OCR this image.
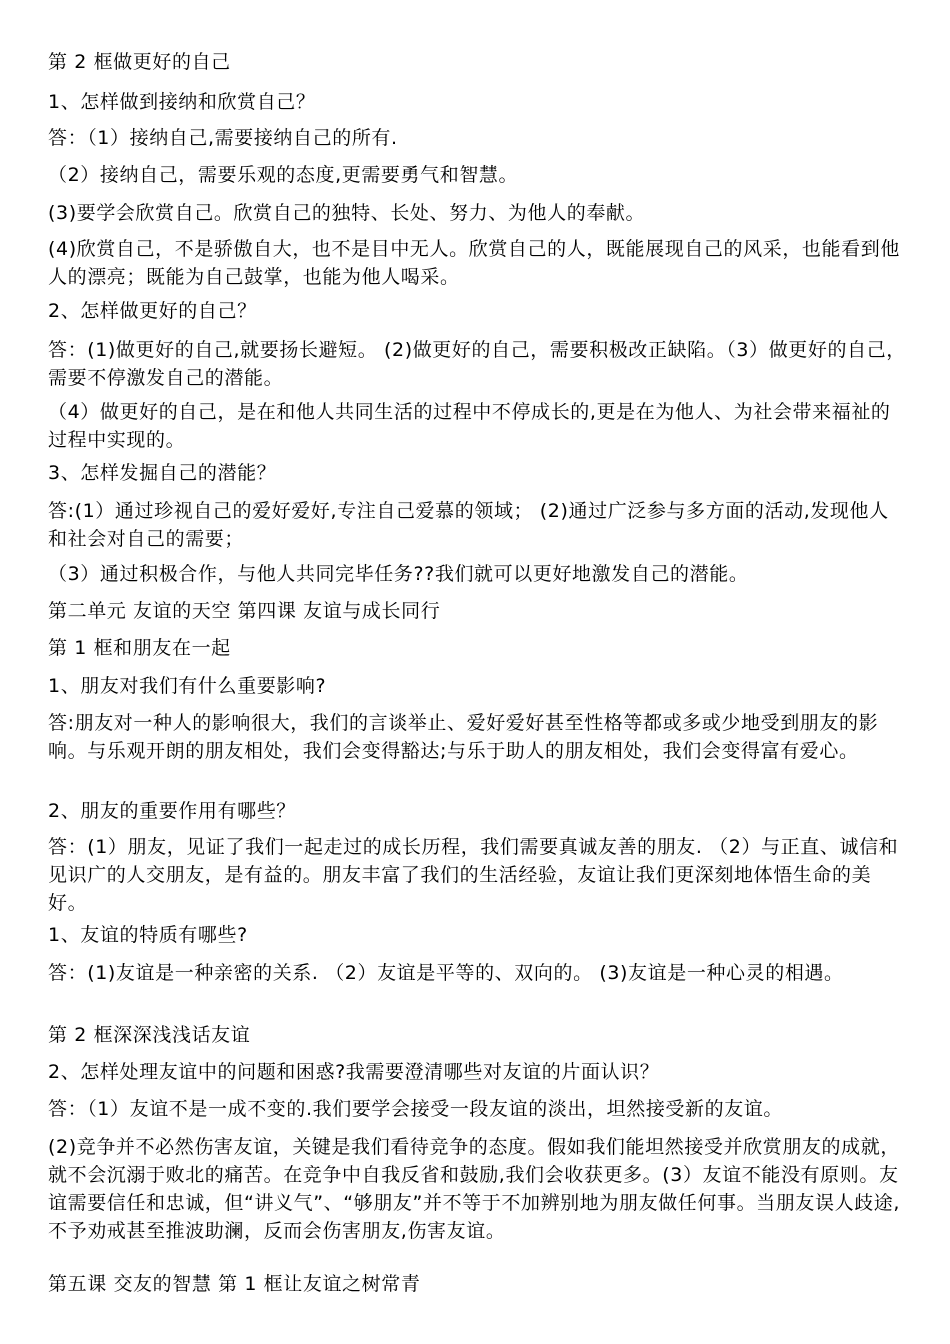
第 2 框做更好的自己

1、怎样做到接纳和欣赏自己？

答：（1）接纳自己,需要接纳自己的所有.

（2）接纳自己，需要乐观的态度,更需要勇气和智慧。

(3)要学会欣赏自己。欣赏自己的独特、长处、努力、为他人的奉献。

(4)欣赏自己，不是骄傲自大，也不是目中无人。欣赏自己的人，既能展现自己的风采，也能看到他人的漂亮；既能为自己鼓掌，也能为他人喝采。

2、怎样做更好的自己？

答：(1)做更好的自己,就要扬长避短。 (2)做更好的自己，需要积极改正缺陷。（3）做更好的自己，需要不停激发自己的潜能。

（4）做更好的自己，是在和他人共同生活的过程中不停成长的,更是在为他人、为社会带来福祉的过程中实现的。

3、怎样发掘自己的潜能？

答:(1）通过珍视自己的爱好爱好,专注自己爱慕的领域； (2)通过广泛参与多方面的活动,发现他人和社会对自己的需要；

（3）通过积极合作，与他人共同完毕任务??我们就可以更好地激发自己的潜能。

第二单元 友谊的天空 第四课 友谊与成长同行

第 1 框和朋友在一起

1、朋友对我们有什么重要影响?

答:朋友对一种人的影响很大，我们的言谈举止、爱好爱好甚至性格等都或多或少地受到朋友的影响。与乐观开朗的朋友相处，我们会变得豁达;与乐于助人的朋友相处，我们会变得富有爱心。

2、朋友的重要作用有哪些？

答：(1）朋友，见证了我们一起走过的成长历程，我们需要真诚友善的朋友. （2）与正直、诚信和见识广的人交朋友，是有益的。朋友丰富了我们的生活经验，友谊让我们更深刻地体悟生命的美好。

1、友谊的特质有哪些?

答：(1)友谊是一种亲密的关系. （2）友谊是平等的、双向的。 (3)友谊是一种心灵的相遇。

第 2 框深深浅浅话友谊

2、怎样处理友谊中的问题和困惑?我需要澄清哪些对友谊的片面认识？

答：（1）友谊不是一成不变的.我们要学会接受一段友谊的淡出，坦然接受新的友谊。

(2)竞争并不必然伤害友谊，关键是我们看待竞争的态度。假如我们能坦然接受并欣赏朋友的成就，就不会沉溺于败北的痛苦。在竞争中自我反省和鼓励,我们会收获更多。(3）友谊不能没有原则。友谊需要信任和忠诚，但“讲义气”、“够朋友”并不等于不加辨别地为朋友做任何事。当朋友误人歧途,不予劝戒甚至推波助澜，反而会伤害朋友,伤害友谊。

第五课 交友的智慧 第 1 框让友谊之树常青
